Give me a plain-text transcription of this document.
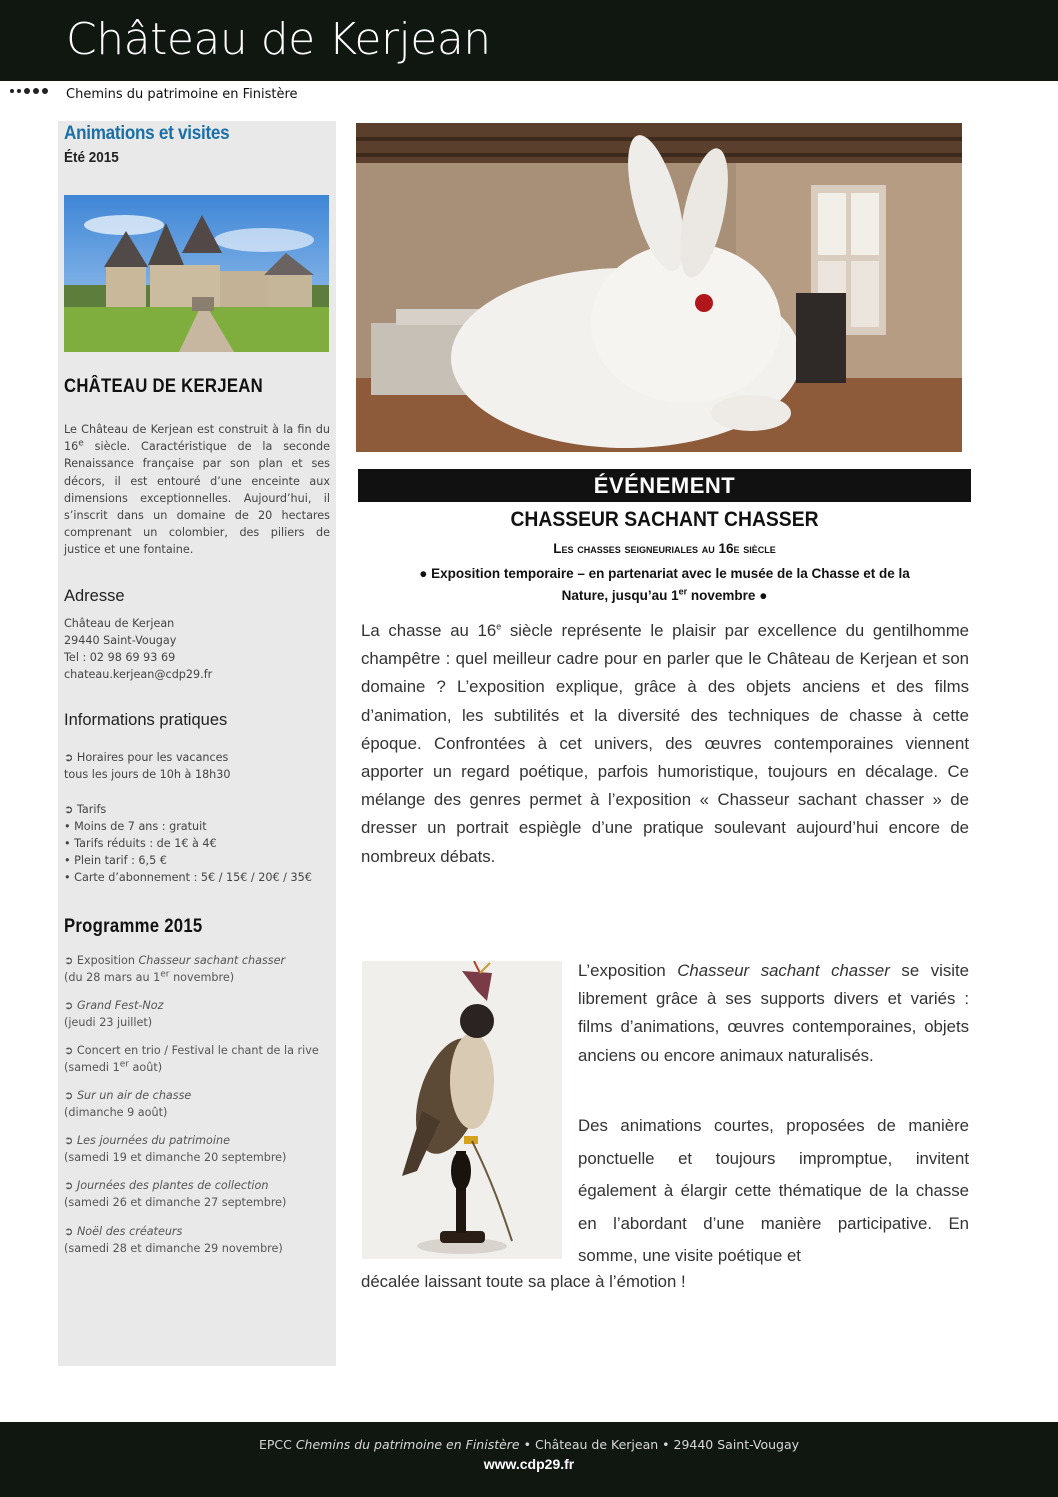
Château de Kerjean
Chemins du patrimoine en Finistère
Animations et visites
Été 2015
CHÂTEAU DE KERJEAN
Le Château de Kerjean est construit à la fin du 16e siècle. Caractéristique de la seconde Renaissance française par son plan et ses décors, il est entouré d’une enceinte aux dimensions exceptionnelles. Aujourd’hui, il s’inscrit dans un domaine de 20 hectares comprenant un colombier, des piliers de justice et une fontaine.
Adresse
Château de Kerjean
29440 Saint-Vougay
Tel : 02 98 69 93 69
chateau.kerjean@cdp29.fr
Informations pratiques
➲ Horaires pour les vacances
tous les jours de 10h à 18h30
➲ Tarifs
• Moins de 7 ans : gratuit
• Tarifs réduits : de 1€ à 4€
• Plein tarif : 6,5 €
• Carte d’abonnement : 5€ / 15€ / 20€ / 35€
Programme 2015
➲ Exposition Chasseur sachant chasser
(du 28 mars au 1er novembre)
➲ Grand Fest-Noz
(jeudi 23 juillet)
➲ Concert en trio / Festival le chant de la rive
(samedi 1er août)
➲ Sur un air de chasse
(dimanche 9 août)
➲ Les journées du patrimoine
(samedi 19 et dimanche 20 septembre)
➲ Journées des plantes de collection
(samedi 26 et dimanche 27 septembre)
➲ Noël des créateurs
(samedi 28 et dimanche 29 novembre)
ÉVÉNEMENT
CHASSEUR SACHANT CHASSER
Les chasses seigneuriales au 16e siècle
● Exposition temporaire – en partenariat avec le musée de la Chasse et de la
Nature, jusqu’au 1er novembre ●
La chasse au 16e siècle représente le plaisir par excellence du gentilhomme champêtre : quel meilleur cadre pour en parler que le Château de Kerjean et son domaine ? L’exposition explique, grâce à des objets anciens et des films d’animation, les subtilités et la diversité des techniques de chasse à cette époque. Confrontées à cet univers, des œuvres contemporaines viennent apporter un regard poétique, parfois humoristique, toujours en décalage. Ce mélange des genres permet à l’exposition « Chasseur sachant chasser » de dresser un portrait espiègle d’une pratique soulevant aujourd’hui encore de nombreux débats.
L’exposition Chasseur sachant chasser se visite librement grâce à ses supports divers et variés : films d’animations, œuvres contemporaines, objets anciens ou encore animaux naturalisés.
Des animations courtes, proposées de manière ponctuelle et toujours impromptue, invitent également à élargir cette thématique de la chasse en l’abordant d’une manière participative. En somme, une visite poétique et
décalée laissant toute sa place à l’émotion !
EPCC Chemins du patrimoine en Finistère • Château de Kerjean • 29440 Saint-Vougay
www.cdp29.fr
